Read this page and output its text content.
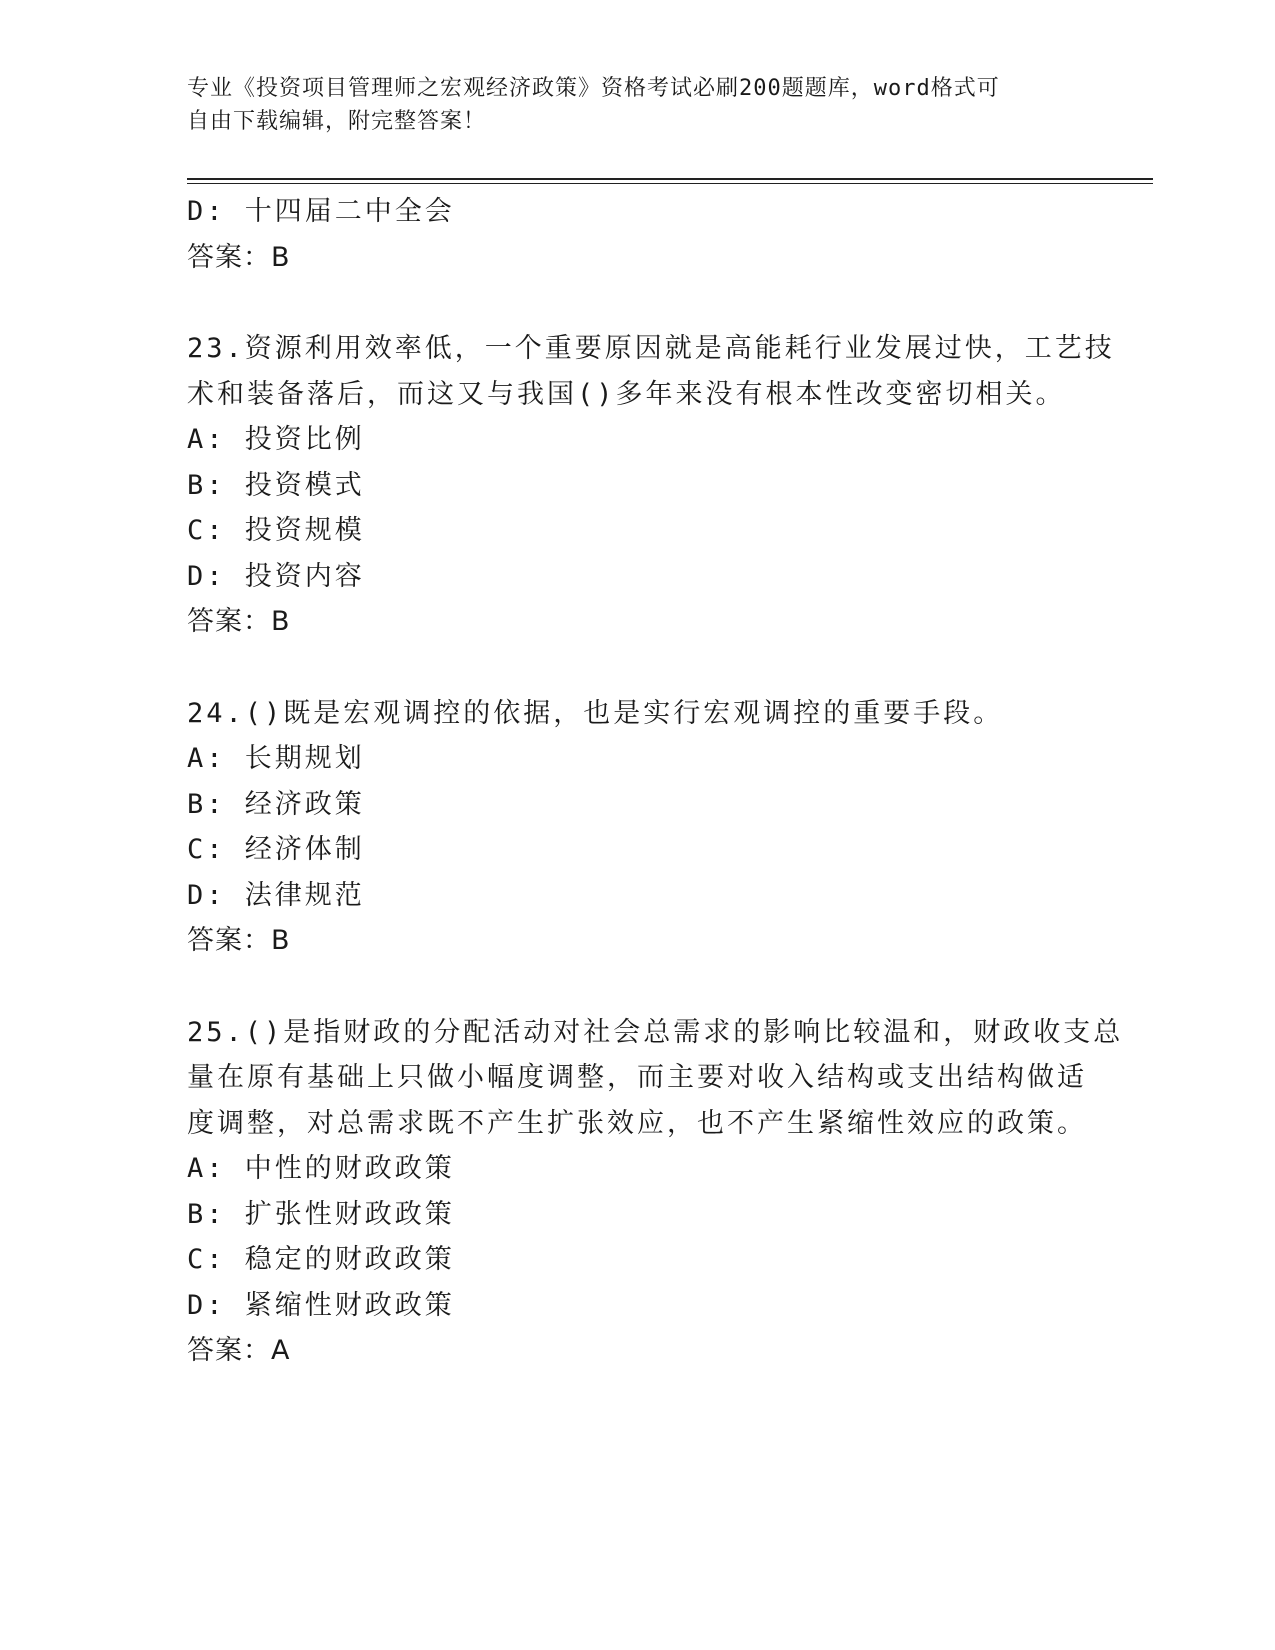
专业《投资项目管理师之宏观经济政策》资格考试必刷200题题库，word格式可
自由下载编辑，附完整答案！
D: 十四届二中全会
答案：B
23.资源利用效率低，一个重要原因就是高能耗行业发展过快，工艺技
术和装备落后，而这又与我国()多年来没有根本性改变密切相关。
A: 投资比例
B: 投资模式
C: 投资规模
D: 投资内容
答案：B
24.()既是宏观调控的依据，也是实行宏观调控的重要手段。
A: 长期规划
B: 经济政策
C: 经济体制
D: 法律规范
答案：B
25.()是指财政的分配活动对社会总需求的影响比较温和，财政收支总
量在原有基础上只做小幅度调整，而主要对收入结构或支出结构做适
度调整，对总需求既不产生扩张效应，也不产生紧缩性效应的政策。
A: 中性的财政政策
B: 扩张性财政政策
C: 稳定的财政政策
D: 紧缩性财政政策
答案：A
